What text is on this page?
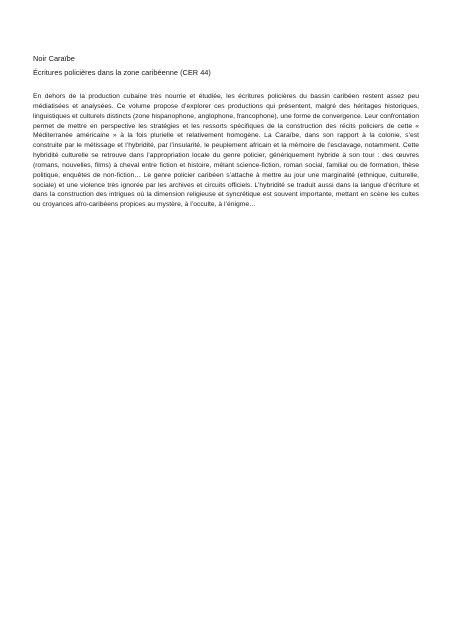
Noir Caraïbe

Écritures policières dans la zone caribéenne (CER 44)

En dehors de la production cubaine très nourrie et étudiée, les écritures policières du bassin caribéen restent assez peu médiatisées et analysées. Ce volume propose d’explorer ces productions qui présentent, malgré des héritages historiques, linguistiques et culturels distincts (zone hispanophone, anglophone, francophone), une forme de convergence. Leur confrontation permet de mettre en perspective les stratégies et les ressorts spécifiques de la construction des récits policiers de cette « Méditerranée américaine » à la fois plurielle et relativement homogène. La Caraïbe, dans son rapport à la colonie, s’est construite par le métissage et l’hybridité, par l’insularité, le peuplement africain et la mémoire de l’esclavage, notamment. Cette hybridité culturelle se retrouve dans l’appropriation locale du genre policier, génériquement hybride à son tour : des œuvres (romans, nouvelles, films) à cheval entre fiction et histoire, mêlant science-fiction, roman social, familial ou de formation, thèse politique, enquêtes de non-fiction… Le genre policier caribéen s’attache à mettre au jour une marginalité (ethnique, culturelle, sociale) et une violence très ignorée par les archives et circuits officiels. L’hybridité se traduit aussi dans la langue d’écriture et dans la construction des intrigues où la dimension religieuse et syncrétique est souvent importante, mettant en scène les cultes ou croyances afro-caribéens propices au mystère, à l’occulte, à l’énigme…
